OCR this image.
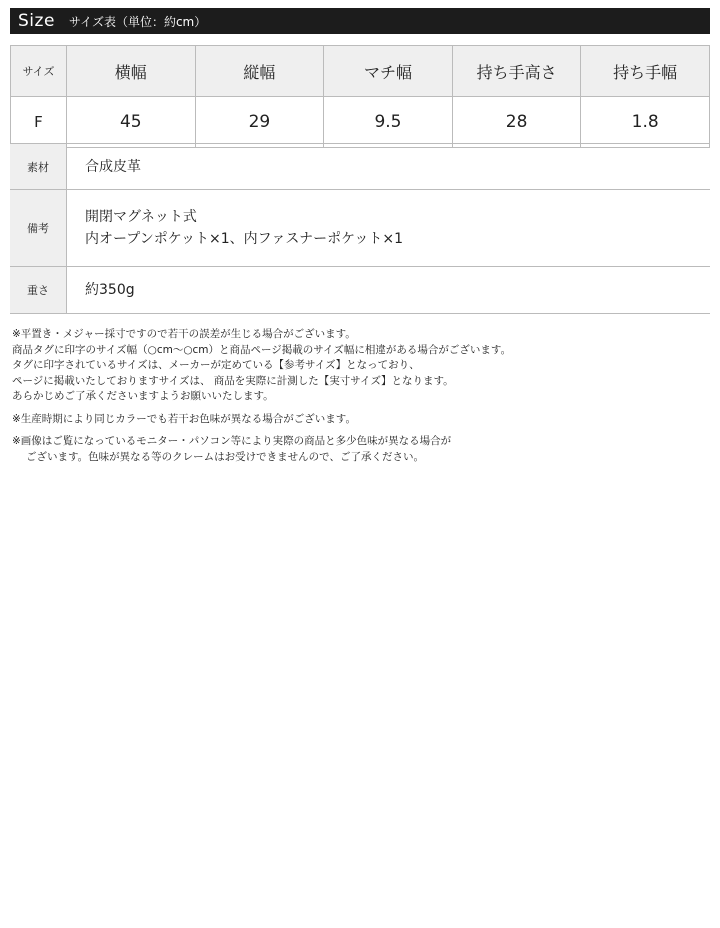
Size サイズ表（単位：約cm）
サイズ	横幅	縦幅	マチ幅	持ち手高さ	持ち手幅
F	45	29	9.5	28	1.8
素材	合成皮革

備考	開閉マグネット式
内オープンポケット×1、内ファスナーポケット×1

重さ	約350g
※平置き・メジャー採寸ですので若干の誤差が生じる場合がございます。
商品タグに印字のサイズ幅（○cm〜○cm）と商品ページ掲載のサイズ幅に相違がある場合がございます。
タグに印字されているサイズは、メーカーが定めている【参考サイズ】となっており、
ページに掲載いたしておりますサイズは、 商品を実際に計測した【実寸サイズ】となります。
あらかじめご了承くださいますようお願いいたします。
※生産時期により同じカラーでも若干お色味が異なる場合がございます。
※画像はご覧になっているモニター・パソコン等により実際の商品と多少色味が異なる場合が
ございます。色味が異なる等のクレームはお受けできませんので、ご了承ください。
